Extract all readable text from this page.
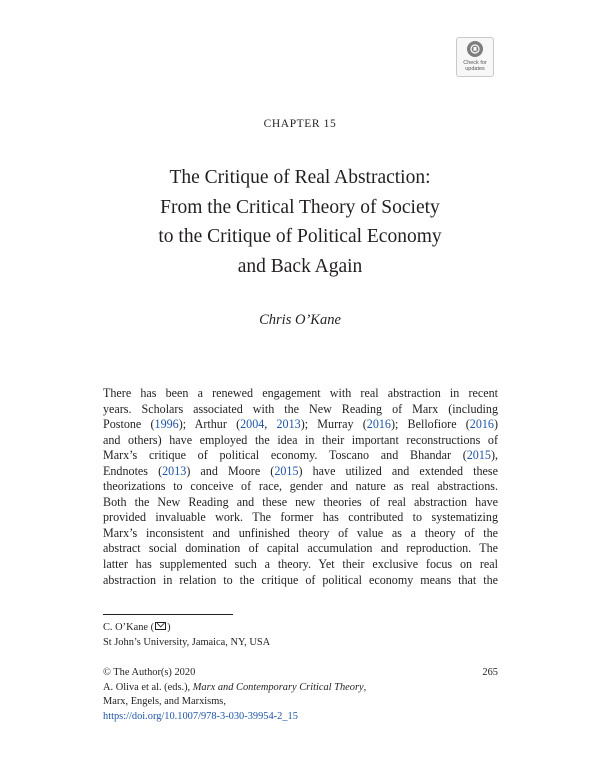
Check for
updates
CHAPTER 15
The Critique of Real Abstraction:
From the Critical Theory of Society
to the Critique of Political Economy
and Back Again
Chris O’Kane
There has been a renewed engagement with real abstraction in recent
years. Scholars associated with the New Reading of Marx (including
Postone (1996); Arthur (2004, 2013); Murray (2016); Bellofiore (2016)
and others) have employed the idea in their important reconstructions of
Marx’s critique of political economy. Toscano and Bhandar (2015),
Endnotes (2013) and Moore (2015) have utilized and extended these
theorizations to conceive of race, gender and nature as real abstractions.
Both the New Reading and these new theories of real abstraction have
provided invaluable work. The former has contributed to systematizing
Marx’s inconsistent and unfinished theory of value as a theory of the
abstract social domination of capital accumulation and reproduction. The
latter has supplemented such a theory. Yet their exclusive focus on real
abstraction in relation to the critique of political economy means that the
C. O’Kane ( )
St John’s University, Jamaica, NY, USA
© The Author(s) 2020	265
A. Oliva et al. (eds.), Marx and Contemporary Critical Theory,
Marx, Engels, and Marxisms,
https://doi.org/10.1007/978-3-030-39954-2_15
